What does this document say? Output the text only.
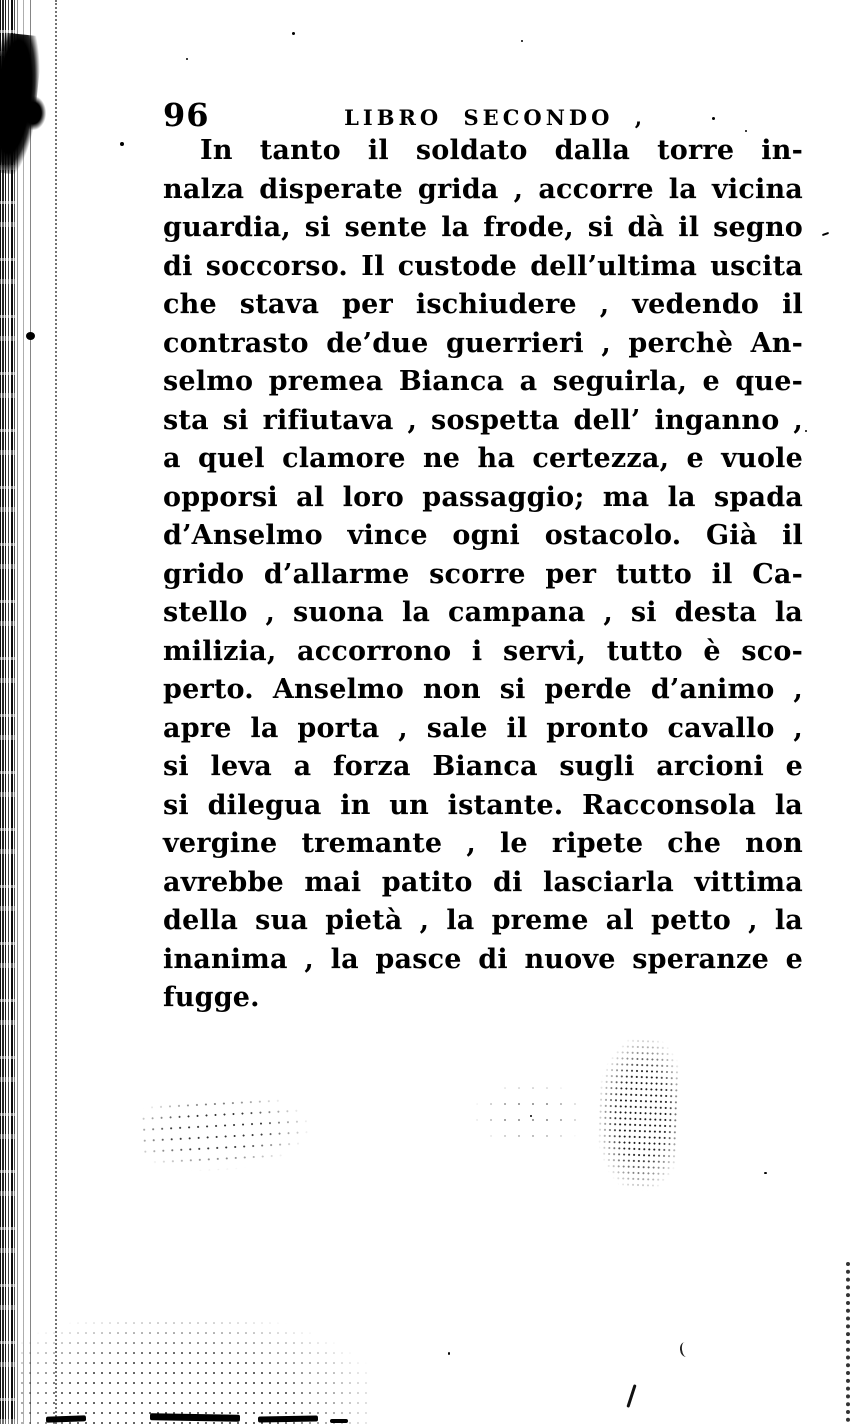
96	LIBRO SECONDO ,
In tanto il soldato dalla torre in-
nalza disperate grida , accorre la vicina
guardia, si sente la frode, si dà il segno
di soccorso. Il custode dell’ultima uscita
che stava per ischiudere , vedendo il
contrasto de’due guerrieri , perchè An-
selmo premea Bianca a seguirla, e que-
sta si rifiutava , sospetta dell’ inganno ,
a quel clamore ne ha certezza, e vuole
opporsi al loro passaggio; ma la spada
d’Anselmo vince ogni ostacolo. Già il
grido d’allarme scorre per tutto il Ca-
stello , suona la campana , si desta la
milizia, accorrono i servi, tutto è sco-
perto. Anselmo non si perde d’animo ,
apre la porta , sale il pronto cavallo ,
si leva a forza Bianca sugli arcioni e
si dilegua in un istante. Racconsola la
vergine tremante , le ripete che non
avrebbe mai patito di lasciarla vittima
della sua pietà , la preme al petto , la
inanima , la pasce di nuove speranze e
fugge.
